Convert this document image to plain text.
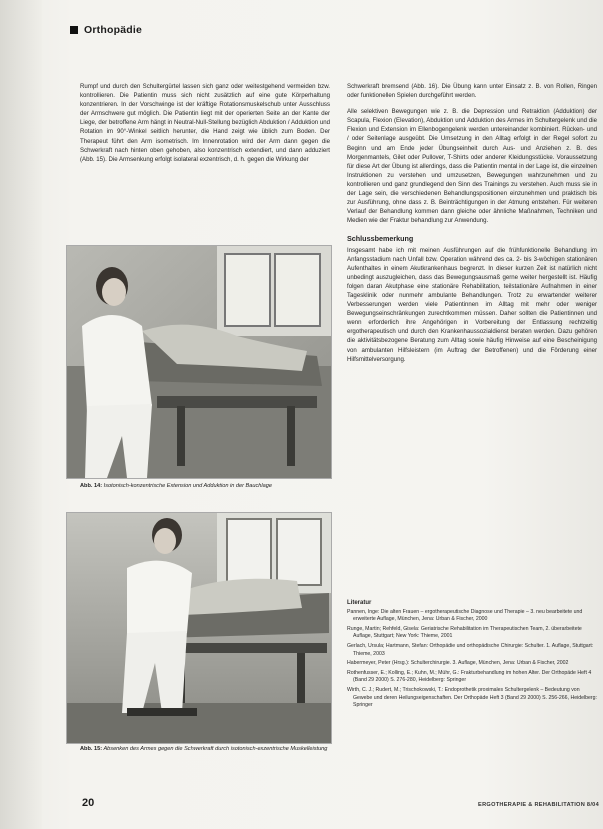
Orthopädie

Rumpf und durch den Schultergürtel lassen sich ganz oder weitestgehend vermeiden bzw. kontrollieren. Die Patientin muss sich nicht zusätzlich auf eine gute Körperhaltung konzentrieren. In der Vorschwinge ist der kräftige Rotationsmuskelschub unter Ausschluss der Armschwere gut möglich. Die Patientin liegt mit der operierten Seite an der Kante der Liege, der betroffene Arm hängt in Neutral-Null-Stellung bezüglich Abduktion / Adduktion und Rotation im 90°-Winkel seitlich herunter, die Hand zeigt wie üblich zum Boden. Der Therapeut führt den Arm isometrisch. Im Innenrotation wird der Arm dann gegen die Schwerkraft nach hinten oben gehoben, also konzentrisch extendiert, und dann adduziert (Abb. 15). Die Armsenkung erfolgt isolateral exzentrisch, d. h. gegen die Wirkung der

Abb. 14: Isotonisch-konzentrische Extension und Adduktion in der Bauchlage
Abb. 15: Absenken des Armes gegen die Schwerkraft durch isotonisch-exzentrische Muskelleistung

Schwerkraft bremsend (Abb. 16). Die Übung kann unter Einsatz z. B. von Rollen, Ringen oder funktionellen Spielen durchgeführt werden.

Alle selektiven Bewegungen wie z. B. die Depression und Retraktion (Adduktion) der Scapula, Flexion (Elevation), Abduktion und Adduktion des Armes im Schultergelenk und die Flexion und Extension im Ellenbogengelenk werden untereinander kombiniert. Rücken- und / oder Seitenlage ausgeübt. Die Umsetzung in den Alltag erfolgt in der Regel sofort zu Beginn und am Ende jeder Übungseinheit durch Aus- und Anziehen z. B. des Morgenmantels, Gilet oder Pullover, T-Shirts oder anderer Kleidungsstücke. Voraussetzung für diese Art der Übung ist allerdings, dass die Patientin mental in der Lage ist, die einzelnen Instruktionen zu verstehen und umzusetzen, Bewegungen wahrzunehmen und zu kontrollieren und ganz grundlegend den Sinn des Trainings zu verstehen. Auch muss sie in der Lage sein, die verschiedenen Behandlungspositionen einzunehmen und praktisch bis zur Ausführung, ohne dass z. B. Beinträchtigungen in der Atmung entstehen. Für weiteren Verlauf der Behandlung kommen dann gleiche oder ähnliche Maßnahmen, Techniken und Medien wie der Fraktur behandlung zur Anwendung.

Schlussbemerkung

Insgesamt habe ich mit meinen Ausführungen auf die frühfunktionelle Behandlung im Anfangsstadium nach Unfall bzw. Operation während des ca. 2- bis 3-wöchigen stationären Aufenthaltes in einem Akutkrankenhaus begrenzt. In dieser kurzen Zeit ist natürlich nicht unbedingt auszugleichen, dass das Bewegungsausmaß gerne weiter hergestellt ist. Häufig folgen daran Akutphase eine stationäre Rehabilitation, teilstationäre Aufnahmen in einer Tagesklinik oder nunmehr ambulante Behandlungen. Trotz zu erwartender weiterer Verbesserungen werden viele Patientinnen im Alltag mit mehr oder weniger Bewegungseinschränkungen zurechtkommen müssen. Daher sollten die Patientinnen und wenn erforderlich ihre Angehörigen in Vorbereitung der Entlassung rechtzeitig ergotherapeutisch und durch den Krankenhaussozialdienst beraten werden. Dazu gehören die aktivitätsbezogene Beratung zum Alltag sowie häufig Hinweise auf eine Bescheinigung von ambulanten Hilfsleistern (im Auftrag der Betroffenen) und die Förderung einer Hilfsmittelversorgung.

Literatur
Pannen, Inge: Die alten Frauen – ergotherapeutische Diagnose und Therapie – 3. neu bearbeitete und erweiterte Auflage, München, Jena: Urban & Fischer, 2000
Runge, Martin; Rehfeld, Gisela: Geriatrische Rehabilitation im Therapeutischen Team, 2. überarbeitete Auflage, Stuttgart; New York: Thieme, 2001
Gerlach, Ursula; Hartmann, Stefan: Orthopädie und orthopädische Chirurgie: Schulter. 1. Auflage, Stuttgart: Thieme, 2003
Habermeyer, Peter (Hrsg.): Schulterchirurgie. 3. Auflage, München, Jena: Urban & Fischer, 2002
Rothenfusser, E.; Kolling, E.; Kuhn, M.; Mühr, G.: Frakturbehandlung im hohen Alter. Der Orthopäde Heft 4 (Band 29 2000) S. 276-280, Heidelberg: Springer
Wirth, C. J.; Rudert, M.; Trischokowski, T.: Endoprothetik proximales Schultergelenk – Bedeutung von Gewebe und deren Heilungseigenschaften. Der Orthopäde Heft 3 (Band 29 2000) S. 256-266, Heidelberg: Springer
20	ERGOTHERAPIE & REHABILITATION 8/04
